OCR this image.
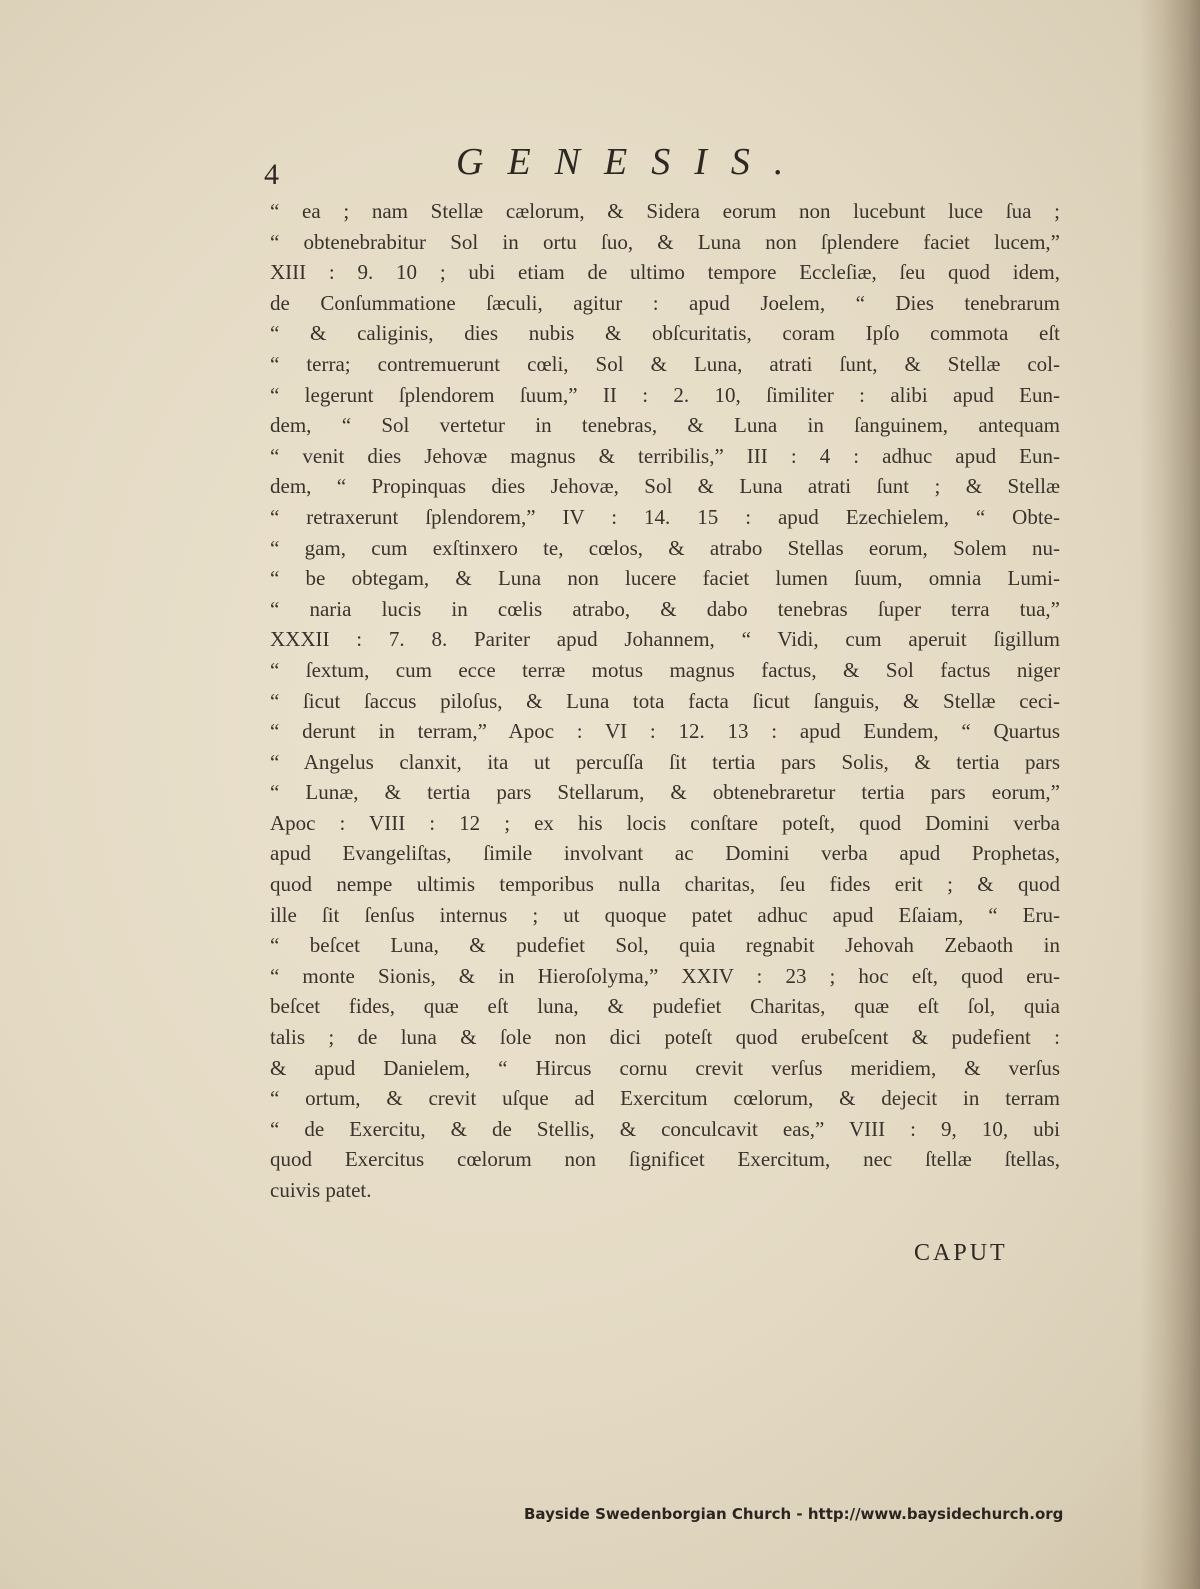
4	GENESIS.
“ ea ; nam Stellæ cælorum, & Sidera eorum non lucebunt luce ſua ;
“ obtenebrabitur Sol in ortu ſuo, & Luna non ſplendere faciet lucem,”
XIII : 9. 10 ; ubi etiam de ultimo tempore Eccleſiæ, ſeu quod idem,
de Conſummatione ſæculi, agitur : apud Joelem, “ Dies tenebrarum
“ & caliginis, dies nubis & obſcuritatis, coram Ipſo commota eſt
“ terra; contremuerunt cœli, Sol & Luna, atrati ſunt, & Stellæ col-
“ legerunt ſplendorem ſuum,” II : 2. 10, ſimiliter : alibi apud Eun-
dem, “ Sol vertetur in tenebras, & Luna in ſanguinem, antequam
“ venit dies Jehovæ magnus & terribilis,” III : 4 : adhuc apud Eun-
dem, “ Propinquas dies Jehovæ, Sol & Luna atrati ſunt ; & Stellæ
“ retraxerunt ſplendorem,” IV : 14. 15 : apud Ezechielem, “ Obte-
“ gam, cum exſtinxero te, cœlos, & atrabo Stellas eorum, Solem nu-
“ be obtegam, & Luna non lucere faciet lumen ſuum, omnia Lumi-
“ naria lucis in cœlis atrabo, & dabo tenebras ſuper terra tua,”
XXXII : 7. 8. Pariter apud Johannem, “ Vidi, cum aperuit ſigillum
“ ſextum, cum ecce terræ motus magnus factus, & Sol factus niger
“ ſicut ſaccus piloſus, & Luna tota facta ſicut ſanguis, & Stellæ ceci-
“ derunt in terram,” Apoc : VI : 12. 13 : apud Eundem, “ Quartus
“ Angelus clanxit, ita ut percuſſa ſit tertia pars Solis, & tertia pars
“ Lunæ, & tertia pars Stellarum, & obtenebraretur tertia pars eorum,”
Apoc : VIII : 12 ; ex his locis conſtare poteſt, quod Domini verba
apud Evangeliſtas, ſimile involvant ac Domini verba apud Prophetas,
quod nempe ultimis temporibus nulla charitas, ſeu fides erit ; & quod
ille ſit ſenſus internus ; ut quoque patet adhuc apud Eſaiam, “ Eru-
“ beſcet Luna, & pudefiet Sol, quia regnabit Jehovah Zebaoth in
“ monte Sionis, & in Hieroſolyma,” XXIV : 23 ; hoc eſt, quod eru-
beſcet fides, quæ eſt luna, & pudefiet Charitas, quæ eſt ſol, quia
talis ; de luna & ſole non dici poteſt quod erubeſcent & pudefient :
& apud Danielem, “ Hircus cornu crevit verſus meridiem, & verſus
“ ortum, & crevit uſque ad Exercitum cœlorum, & dejecit in terram
“ de Exercitu, & de Stellis, & conculcavit eas,” VIII : 9, 10, ubi
quod Exercitus cœlorum non ſignificet Exercitum, nec ſtellæ ſtellas,
cuivis patet.
CAPUT
Bayside Swedenborgian Church - http://www.baysidechurch.org
